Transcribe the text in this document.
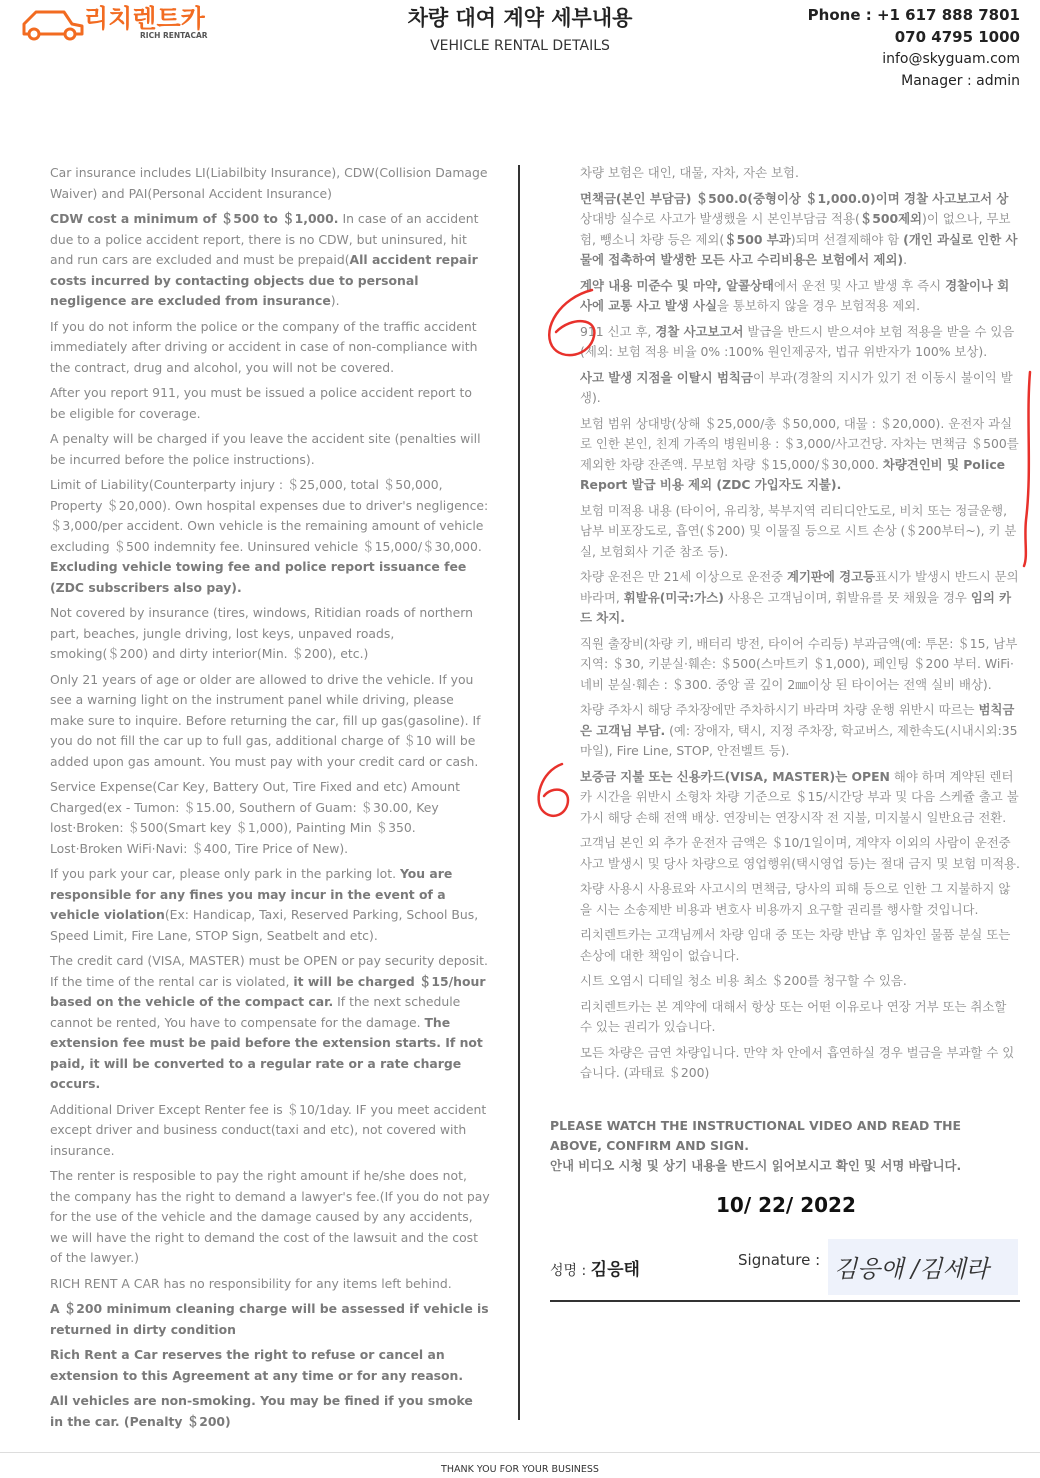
리치렌트카
RICH RENTACAR
차량 대여 계약 세부내용
VEHICLE RENTAL DETAILS
Phone : +1 617 888 7801
070 4795 1000
info@skyguam.com
Manager : admin

Car insurance includes LI(Liabilbity Insurance), CDW(Collision Damage Waiver) and PAI(Personal Accident Insurance)

CDW cost a minimum of ＄500 to ＄1,000. In case of an accident due to a police accident report, there is no CDW, but uninsured, hit and run cars are excluded and must be prepaid(All accident repair costs incurred by contacting objects due to personal negligence are excluded from insurance).

If you do not inform the police or the company of the traffic accident immediately after driving or accident in case of non-compliance with the contract, drug and alcohol, you will not be covered.

After you report 911, you must be issued a police accident report to be eligible for coverage.

A penalty will be charged if you leave the accident site (penalties will be incurred before the police instructions).

Limit of Liability(Counterparty injury : ＄25,000, total ＄50,000, Property ＄20,000). Own hospital expenses due to driver's negligence: ＄3,000/per accident. Own vehicle is the remaining amount of vehicle excluding ＄500 indemnity fee. Uninsured vehicle ＄15,000/＄30,000. Excluding vehicle towing fee and police report issuance fee (ZDC subscribers also pay).

Not covered by insurance (tires, windows, Ritidian roads of northern part, beaches, jungle driving, lost keys, unpaved roads, smoking(＄200) and dirty interior(Min. ＄200), etc.)

Only 21 years of age or older are allowed to drive the vehicle. If you see a warning light on the instrument panel while driving, please make sure to inquire. Before returning the car, fill up gas(gasoline). If you do not fill the car up to full gas, additional charge of ＄10 will be added upon gas amount. You must pay with your credit card or cash.

Service Expense(Car Key, Battery Out, Tire Fixed and etc) Amount Charged(ex - Tumon: ＄15.00, Southern of Guam: ＄30.00, Key lost·Broken: ＄500(Smart key ＄1,000), Painting Min ＄350. Lost·Broken WiFi·Navi: ＄400, Tire Price of New).

If you park your car, please only park in the parking lot. You are responsible for any fines you may incur in the event of a vehicle violation(Ex: Handicap, Taxi, Reserved Parking, School Bus, Speed Limit, Fire Lane, STOP Sign, Seatbelt and etc).

The credit card (VISA, MASTER) must be OPEN or pay security deposit. If the time of the rental car is violated, it will be charged ＄15/hour based on the vehicle of the compact car. If the next schedule cannot be rented, You have to compensate for the damage. The extension fee must be paid before the extension starts. If not paid, it will be converted to a regular rate or a rate charge occurs.

Additional Driver Except Renter fee is ＄10/1day. IF you meet accident except driver and business conduct(taxi and etc), not covered with insurance.

The renter is resposible to pay the right amount if he/she does not, the company has the right to demand a lawyer's fee.(If you do not pay for the use of the vehicle and the damage caused by any accidents, we will have the right to demand the cost of the lawsuit and the cost of the lawyer.)

RICH RENT A CAR has no responsibility for any items left behind.

A ＄200 minimum cleaning charge will be assessed if vehicle is returned in dirty condition

Rich Rent a Car reserves the right to refuse or cancel an extension to this Agreement at any time or for any reason.

All vehicles are non-smoking. You may be fined if you smoke in the car. (Penalty ＄200)

차량 보험은 대인, 대물, 자차, 자손 보험.

면책금(본인 부담금) ＄500.0(중형이상 ＄1,000.0)이며 경찰 사고보고서 상 상대방 실수로 사고가 발생했을 시 본인부담금 적용(＄500제외)이 없으나, 무보험, 뺑소니 차량 등은 제외(＄500 부과)되며 선결제해야 함 (개인 과실로 인한 사물에 접촉하여 발생한 모든 사고 수리비용은 보험에서 제외).

계약 내용 미준수 및 마약, 알콜상태에서 운전 및 사고 발생 후 즉시 경찰이나 회사에 교통 사고 발생 사실을 통보하지 않을 경우 보험적용 제외.

911 신고 후, 경찰 사고보고서 발급을 반드시 받으셔야 보험 적용을 받을 수 있음(제외: 보험 적용 비율 0% :100% 원인제공자, 법규 위반자가 100% 보상).

사고 발생 지점을 이탈시 범칙금이 부과(경찰의 지시가 있기 전 이동시 불이익 발생).

보험 범위 상대방(상해 ＄25,000/총 ＄50,000, 대물 : ＄20,000). 운전자 과실로 인한 본인, 친계 가족의 병원비용 : ＄3,000/사고건당. 자차는 면책금 ＄500를 제외한 차량 잔존액. 무보험 차량 ＄15,000/＄30,000. 차량견인비 및 Police Report 발급 비용 제외 (ZDC 가입자도 지불).

보험 미적용 내용 (타이어, 유리창, 북부지역 리티디안도로, 비치 또는 정글운행, 남부 비포장도로, 흡연(＄200) 및 이물질 등으로 시트 손상 (＄200부터~), 키 분실, 보험회사 기준 참조 등).

차량 운전은 만 21세 이상으로 운전중 계기판에 경고등표시가 발생시 반드시 문의 바라며, 휘발유(미국:가스) 사용은 고객님이며, 휘발유를 못 채웠을 경우 임의 카드 차지.

직원 출장비(차량 키, 배터리 방전, 타이어 수리등) 부과금액(예: 투몬: ＄15, 남부지역: ＄30, 키분실·훼손: ＄500(스마트키 ＄1,000), 페인팅 ＄200 부터. WiFi·네비 분실·훼손 : ＄300. 중앙 골 깊이 2㎜이상 된 타이어는 전액 실비 배상).

차량 주차시 해당 주차장에만 주차하시기 바라며 차량 운행 위반시 따르는 범칙금은 고객님 부담. (예: 장애자, 택시, 지정 주차장, 학교버스, 제한속도(시내시외:35마일), Fire Line, STOP, 안전벨트 등).

보증금 지불 또는 신용카드(VISA, MASTER)는 OPEN 해야 하며 계약된 렌터카 시간을 위반시 소형차 차량 기준으로 ＄15/시간당 부과 및 다음 스케쥴 출고 불가시 해당 손해 전액 배상. 연장비는 연장시작 전 지불, 미지불시 일반요금 전환.

고객님 본인 외 추가 운전자 금액은 ＄10/1일이며, 계약자 이외의 사람이 운전중 사고 발생시 및 당사 차량으로 영업행위(택시영업 등)는 절대 금지 및 보험 미적용.

차량 사용시 사용료와 사고시의 면책금, 당사의 피해 등으로 인한 그 지불하지 않을 시는 소송제반 비용과 변호사 비용까지 요구할 권리를 행사할 것입니다.

리치렌트카는 고객님께서 차량 임대 중 또는 차량 반납 후 임차인 물품 분실 또는 손상에 대한 책임이 없습니다.

시트 오염시 디테일 청소 비용 최소 ＄200를 청구할 수 있음.

리치렌트카는 본 계약에 대해서 항상 또는 어떤 이유로나 연장 거부 또는 취소할 수 있는 권리가 있습니다.

모든 차량은 금연 차량입니다. 만약 차 안에서 흡연하실 경우 벌금을 부과할 수 있습니다. (과태료 ＄200)

PLEASE WATCH THE INSTRUCTIONAL VIDEO AND READ THE ABOVE, CONFIRM AND SIGN.
안내 비디오 시청 및 상기 내용을 반드시 읽어보시고 확인 및 서명 바랍니다.
10/ 22/ 2022
성명 : 김응태	Signature : 김응애 /김세라
THANK YOU FOR YOUR BUSINESS
